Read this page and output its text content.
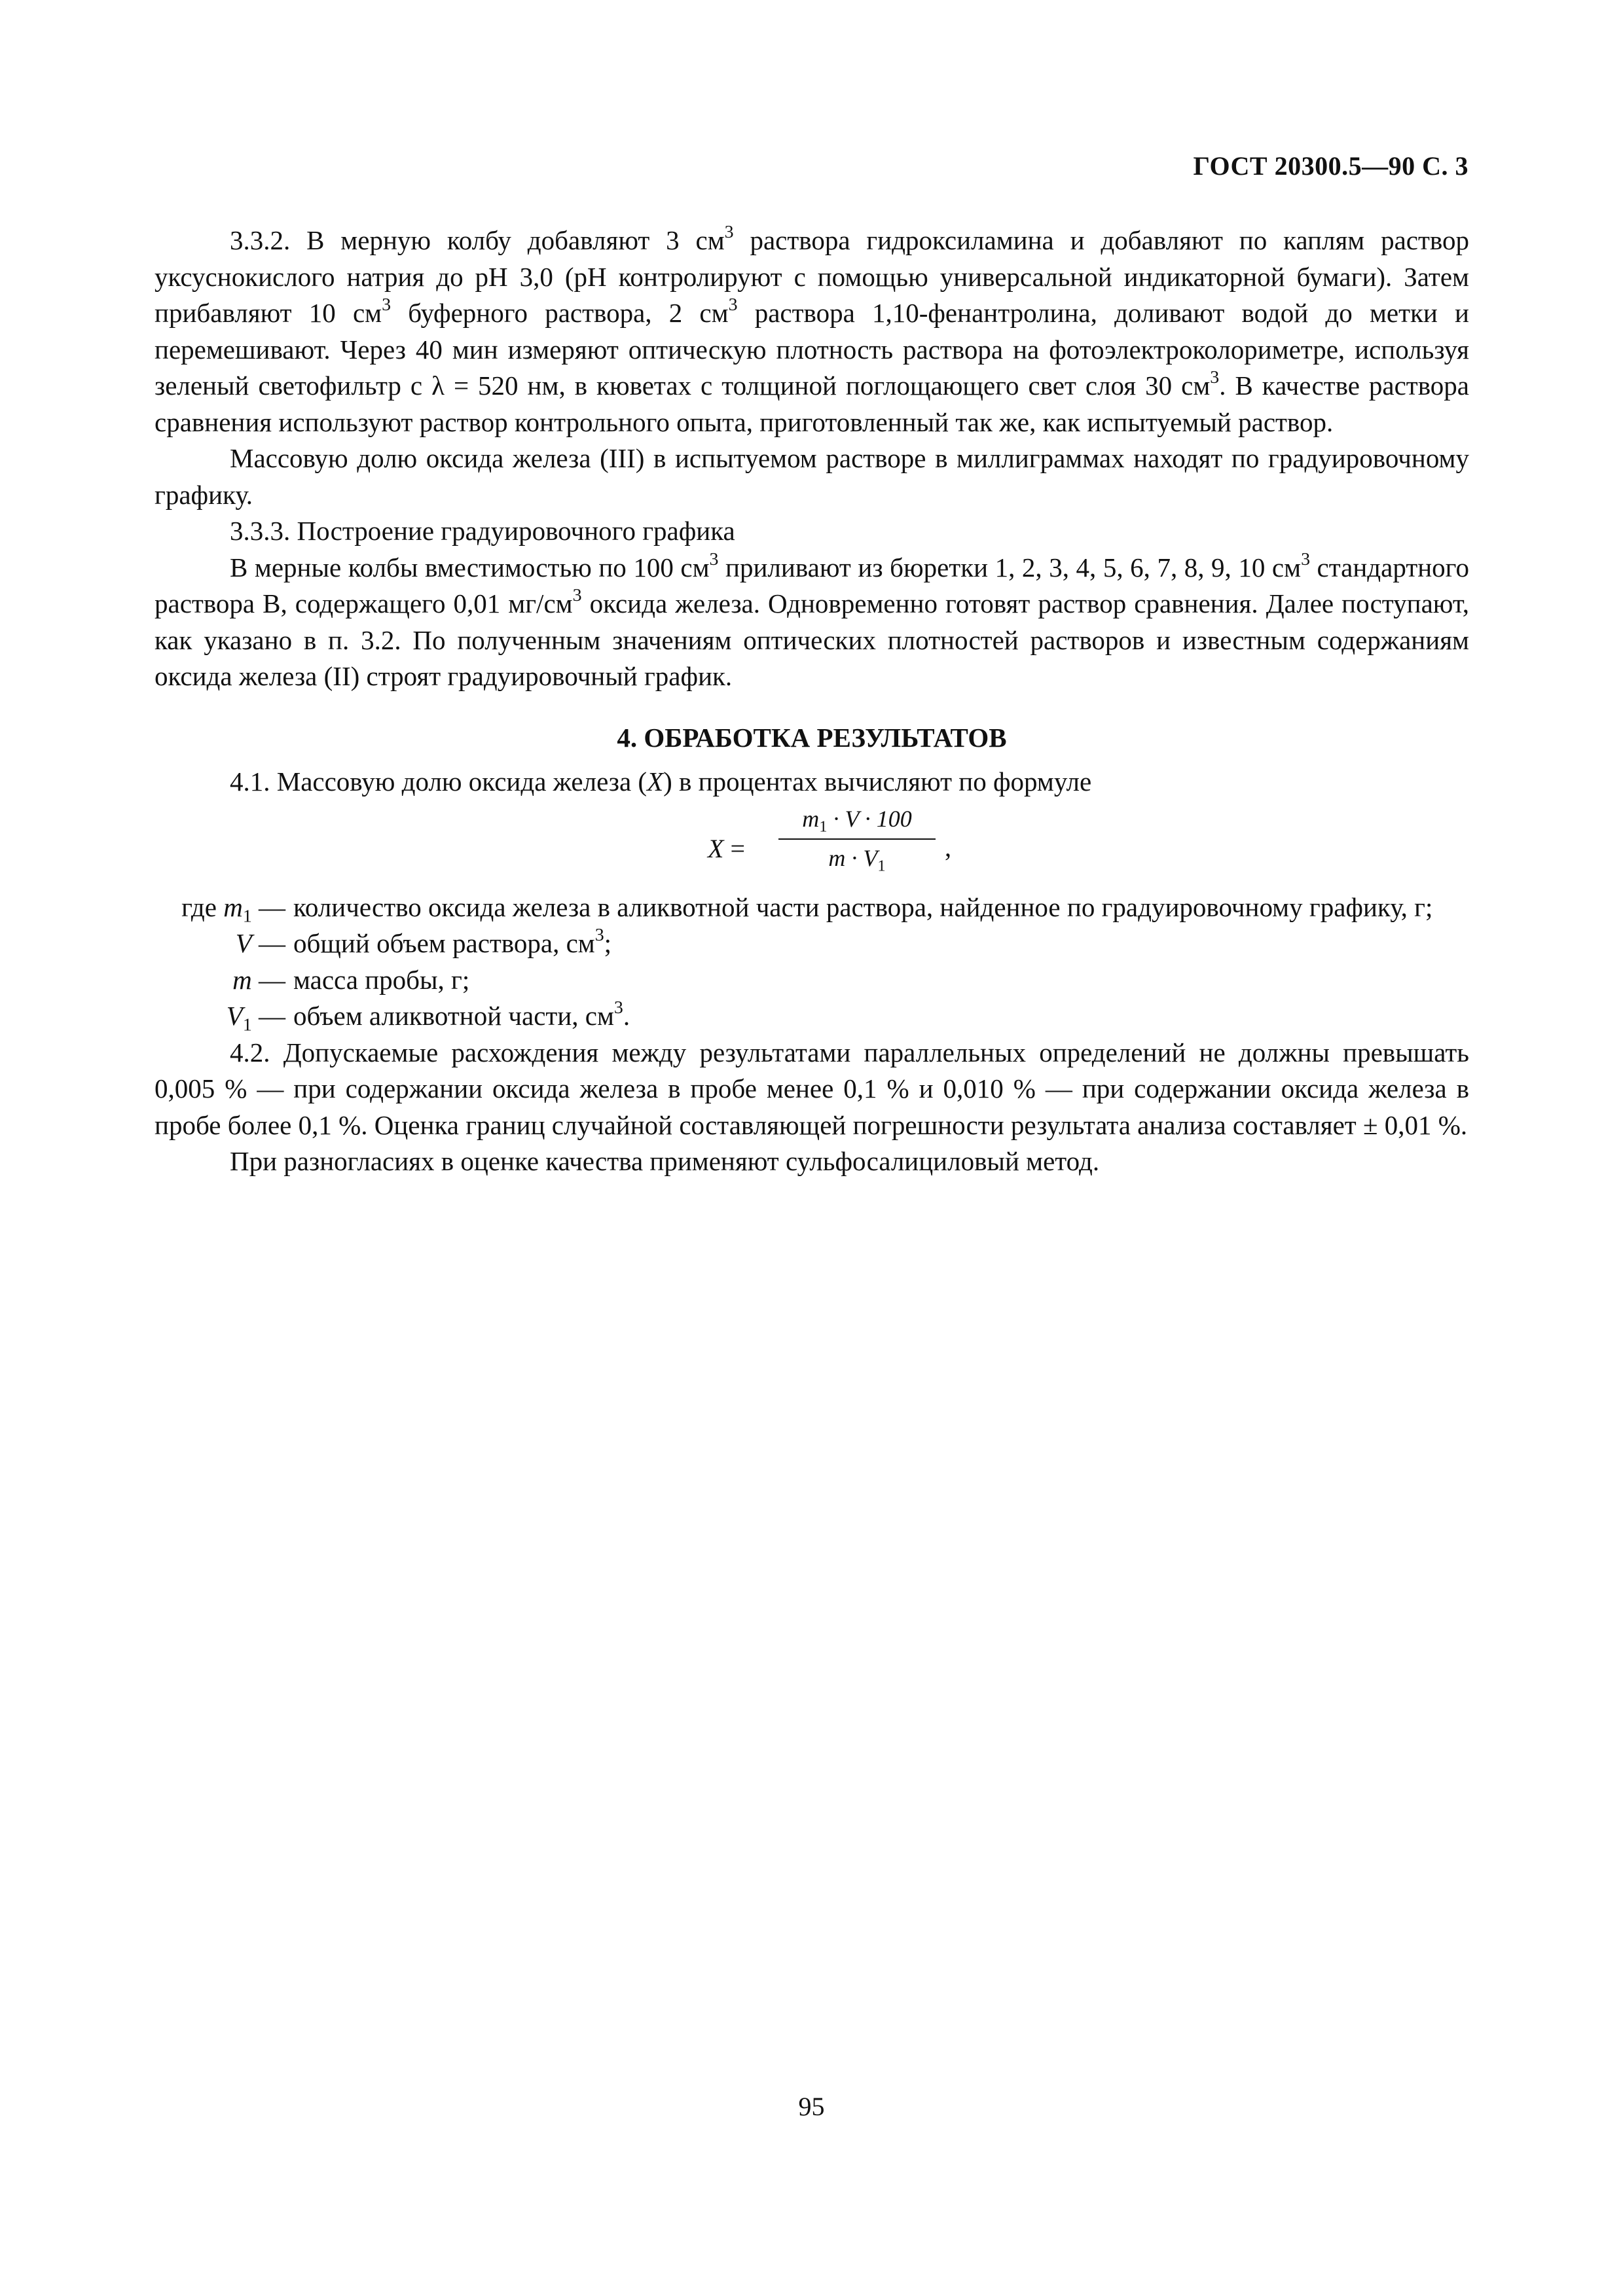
ГОСТ 20300.5—90 С. 3

3.3.2. В мерную колбу добавляют 3 $см^3$ раствора гидроксиламина и добавляют по каплям раствор уксуснокислого натрия до pH 3,0 (pH контролируют с помощью универсальной индикаторной бумаги). Затем прибавляют 10 $см^3$ буферного раствора, 2 $см^3$ раствора 1,10-фенантролина, доливают водой до метки и перемешивают. Через 40 мин измеряют оптическую плотность раствора на фотоэлектроколориметре, используя зеленый светофильтр с λ = 520 нм, в кюветах с толщиной поглощающего свет слоя 30 $см^3$. В качестве раствора сравнения используют раствор контрольного опыта, приготовленный так же, как испытуемый раствор.

Массовую долю оксида железа (III) в испытуемом растворе в миллиграммах находят по градуировочному графику.

3.3.3. Построение градуировочного графика

В мерные колбы вместимостью по 100 $см^3$ приливают из бюретки 1, 2, 3, 4, 5, 6, 7, 8, 9, 10 $см^3$ стандартного раствора В, содержащего 0,01 $мг/см^3$ оксида железа. Одновременно готовят раствор сравнения. Далее поступают, как указано в п. 3.2. По полученным значениям оптических плотностей растворов и известным содержаниям оксида железа (II) строят градуировочный график.

4. ОБРАБОТКА РЕЗУЛЬТАТОВ

4.1. Массовую долю оксида железа (X) в процентах вычисляют по формуле

X =
$m_1 \cdot V \cdot 100$
$m \cdot V_1$
,
где $m_1$ — количество оксида железа в аликвотной части раствора, найденное по градуировочному графику, г;
V — общий объем раствора, $см^3$;
m — масса пробы, г;
$V_1$ — объем аликвотной части, $см^3$.

4.2. Допускаемые расхождения между результатами параллельных определений не должны превышать 0,005 % — при содержании оксида железа в пробе менее 0,1 % и 0,010 % — при содержании оксида железа в пробе более 0,1 %. Оценка границ случайной составляющей погрешности результата анализа составляет ± 0,01 %.

При разногласиях в оценке качества применяют сульфосалициловый метод.

95
